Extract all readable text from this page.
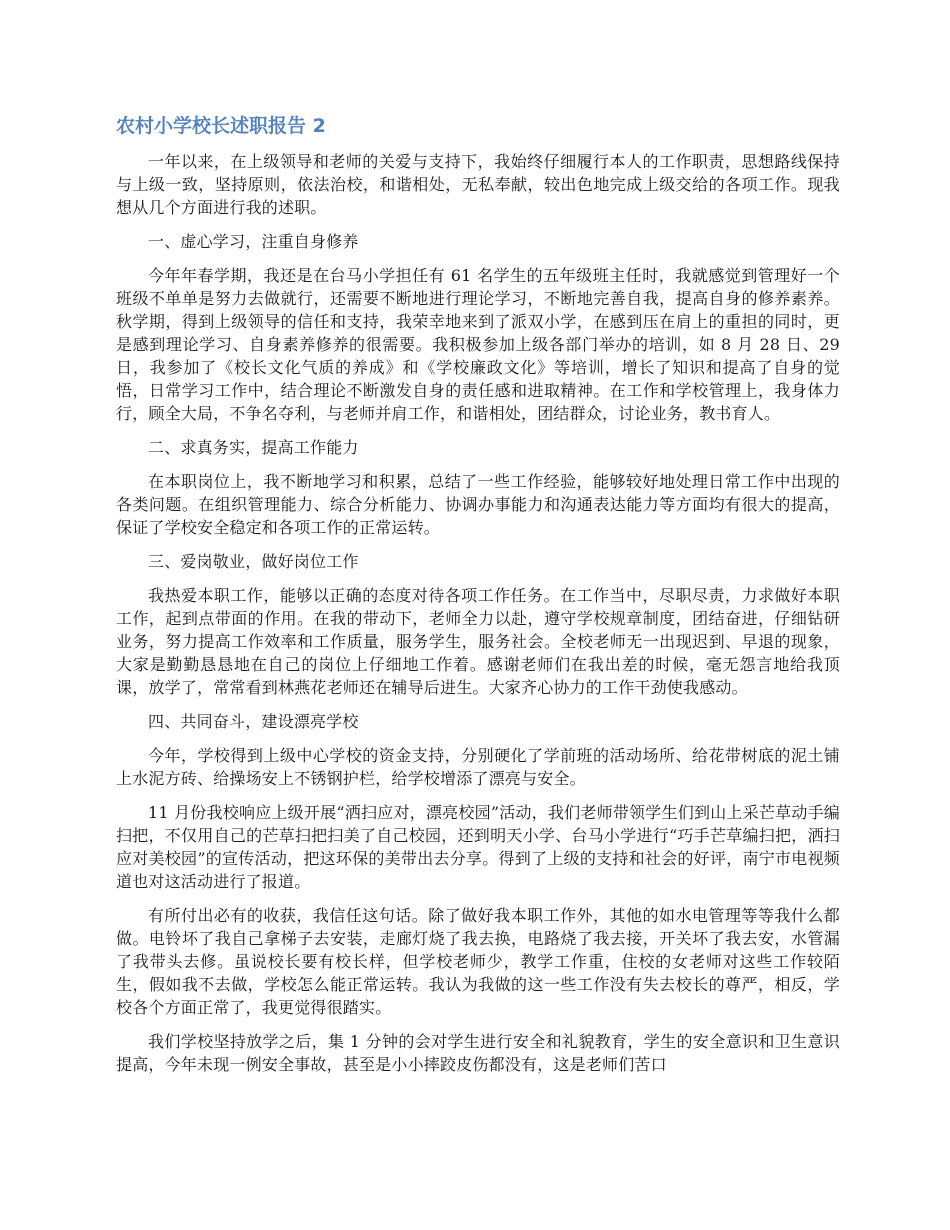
农村小学校长述职报告 2

一年以来，在上级领导和老师的关爱与支持下，我始终仔细履行本人的工作职责，思想路线保持与上级一致，坚持原则，依法治校，和谐相处，无私奉献，较出色地完成上级交给的各项工作。现我想从几个方面进行我的述职。

一、虚心学习，注重自身修养

今年年春学期，我还是在台马小学担任有 61 名学生的五年级班主任时，我就感觉到管理好一个班级不单单是努力去做就行，还需要不断地进行理论学习，不断地完善自我，提高自身的修养素养。秋学期，得到上级领导的信任和支持，我荣幸地来到了派双小学，在感到压在肩上的重担的同时，更是感到理论学习、自身素养修养的很需要。我积极参加上级各部门举办的培训，如 8 月 28 日、29 日，我参加了《校长文化气质的养成》和《学校廉政文化》等培训，增长了知识和提高了自身的觉悟，日常学习工作中，结合理论不断激发自身的责任感和进取精神。在工作和学校管理上，我身体力行，顾全大局，不争名夺利，与老师并肩工作，和谐相处，团结群众，讨论业务，教书育人。

二、求真务实，提高工作能力

在本职岗位上，我不断地学习和积累，总结了一些工作经验，能够较好地处理日常工作中出现的各类问题。在组织管理能力、综合分析能力、协调办事能力和沟通表达能力等方面均有很大的提高，保证了学校安全稳定和各项工作的正常运转。

三、爱岗敬业，做好岗位工作

我热爱本职工作，能够以正确的态度对待各项工作任务。在工作当中，尽职尽责，力求做好本职工作，起到点带面的作用。在我的带动下，老师全力以赴，遵守学校规章制度，团结奋进，仔细钻研业务，努力提高工作效率和工作质量，服务学生，服务社会。全校老师无一出现迟到、早退的现象，大家是勤勤恳恳地在自己的岗位上仔细地工作着。感谢老师们在我出差的时候，毫无怨言地给我顶课，放学了，常常看到林燕花老师还在辅导后进生。大家齐心协力的工作干劲使我感动。

四、共同奋斗，建设漂亮学校

今年，学校得到上级中心学校的资金支持，分别硬化了学前班的活动场所、给花带树底的泥土铺上水泥方砖、给操场安上不锈钢护栏，给学校增添了漂亮与安全。

11 月份我校响应上级开展“洒扫应对，漂亮校园”活动，我们老师带领学生们到山上采芒草动手编扫把，不仅用自己的芒草扫把扫美了自己校园，还到明天小学、台马小学进行“巧手芒草编扫把，洒扫应对美校园”的宣传活动，把这环保的美带出去分享。得到了上级的支持和社会的好评，南宁市电视频道也对这活动进行了报道。

有所付出必有的收获，我信任这句话。除了做好我本职工作外，其他的如水电管理等等我什么都做。电铃坏了我自己拿梯子去安装，走廊灯烧了我去换，电路烧了我去接，开关坏了我去安，水管漏了我带头去修。虽说校长要有校长样，但学校老师少，教学工作重，住校的女老师对这些工作较陌生，假如我不去做，学校怎么能正常运转。我认为我做的这一些工作没有失去校长的尊严，相反，学校各个方面正常了，我更觉得很踏实。

我们学校坚持放学之后，集 1 分钟的会对学生进行安全和礼貌教育，学生的安全意识和卫生意识提高，今年未现一例安全事故，甚至是小小摔跤皮伤都没有，这是老师们苦口
